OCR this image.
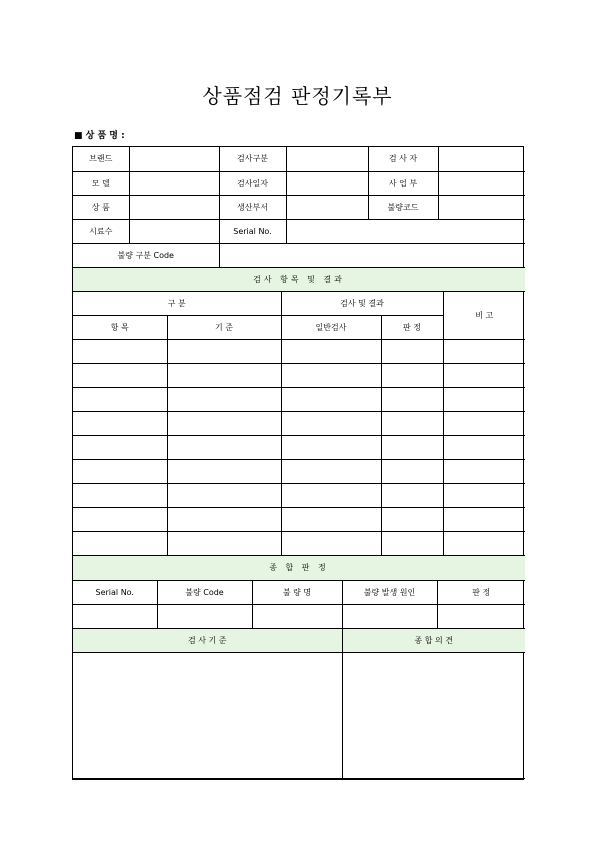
상품점검 판정기록부
■ 상 품 명 :
브랜드		검사구분		검 사 자	
모 델		검사일자		사 업 부	
상 품		생산부서		불량코드	
시료수		Serial No.			
불량 구분 Code					
검사 항목 및 결과				
구 분		검사 및 결과		비 고
항 목	기 준	일반검사	판 정	

종 합 판 정				
Serial No.	불량 Code	불 량 명	불량 발생 원인	판 정

검 사 기 준	종 합 의 견
